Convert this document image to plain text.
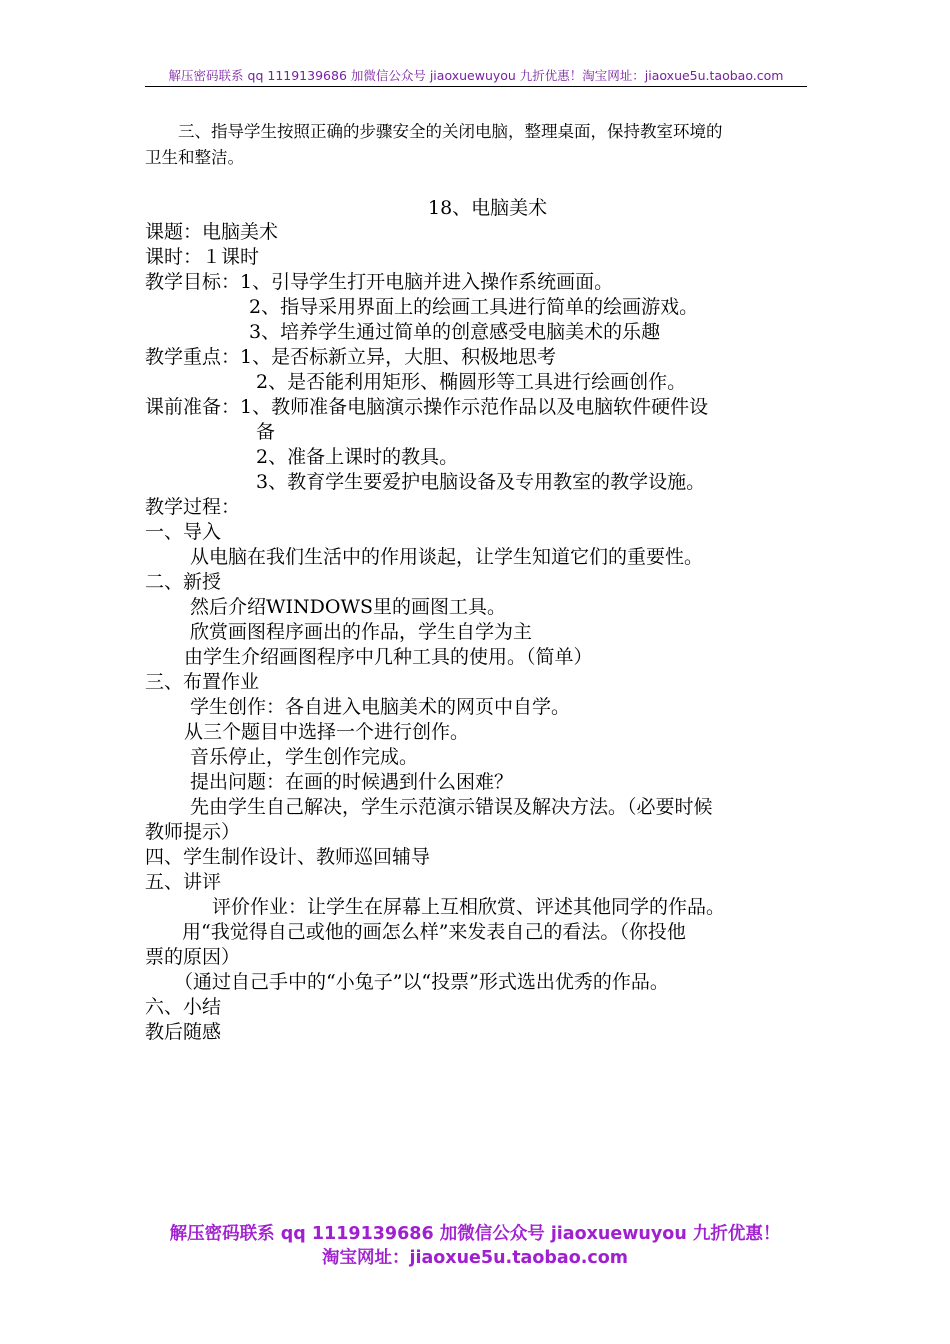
解压密码联系 qq 1119139686 加微信公众号 jiaoxuewuyou 九折优惠！淘宝网址：jiaoxue5u.taobao.com
三、指导学生按照正确的步骤安全的关闭电脑，整理桌面，保持教室环境的
卫生和整洁。
18、电脑美术
课题：电脑美术
课时：１课时
教学目标：1、引导学生打开电脑并进入操作系统画面。
2、指导采用界面上的绘画工具进行简单的绘画游戏。
3、培养学生通过简单的创意感受电脑美术的乐趣
教学重点：1、是否标新立异，大胆、积极地思考
2、是否能利用矩形、椭圆形等工具进行绘画创作。
课前准备：1、教师准备电脑演示操作示范作品以及电脑软件硬件设
备
2、准备上课时的教具。
3、教育学生要爱护电脑设备及专用教室的教学设施。
教学过程：
一、导入
从电脑在我们生活中的作用谈起，让学生知道它们的重要性。
二、新授
然后介绍WINDOWS里的画图工具。
欣赏画图程序画出的作品，学生自学为主
由学生介绍画图程序中几种工具的使用。（简单）
三、布置作业
学生创作：各自进入电脑美术的网页中自学。
从三个题目中选择一个进行创作。
音乐停止，学生创作完成。
提出问题：在画的时候遇到什么困难？
先由学生自己解决，学生示范演示错误及解决方法。（必要时候
教师提示）
四、学生制作设计、教师巡回辅导
五、讲评
评价作业：让学生在屏幕上互相欣赏、评述其他同学的作品。
用“我觉得自己或他的画怎么样”来发表自己的看法。（你投他
票的原因）
（通过自己手中的“小兔子”以“投票”形式选出优秀的作品。
六、小结
教后随感
解压密码联系 qq 1119139686 加微信公众号 jiaoxuewuyou 九折优惠！
淘宝网址：jiaoxue5u.taobao.com
